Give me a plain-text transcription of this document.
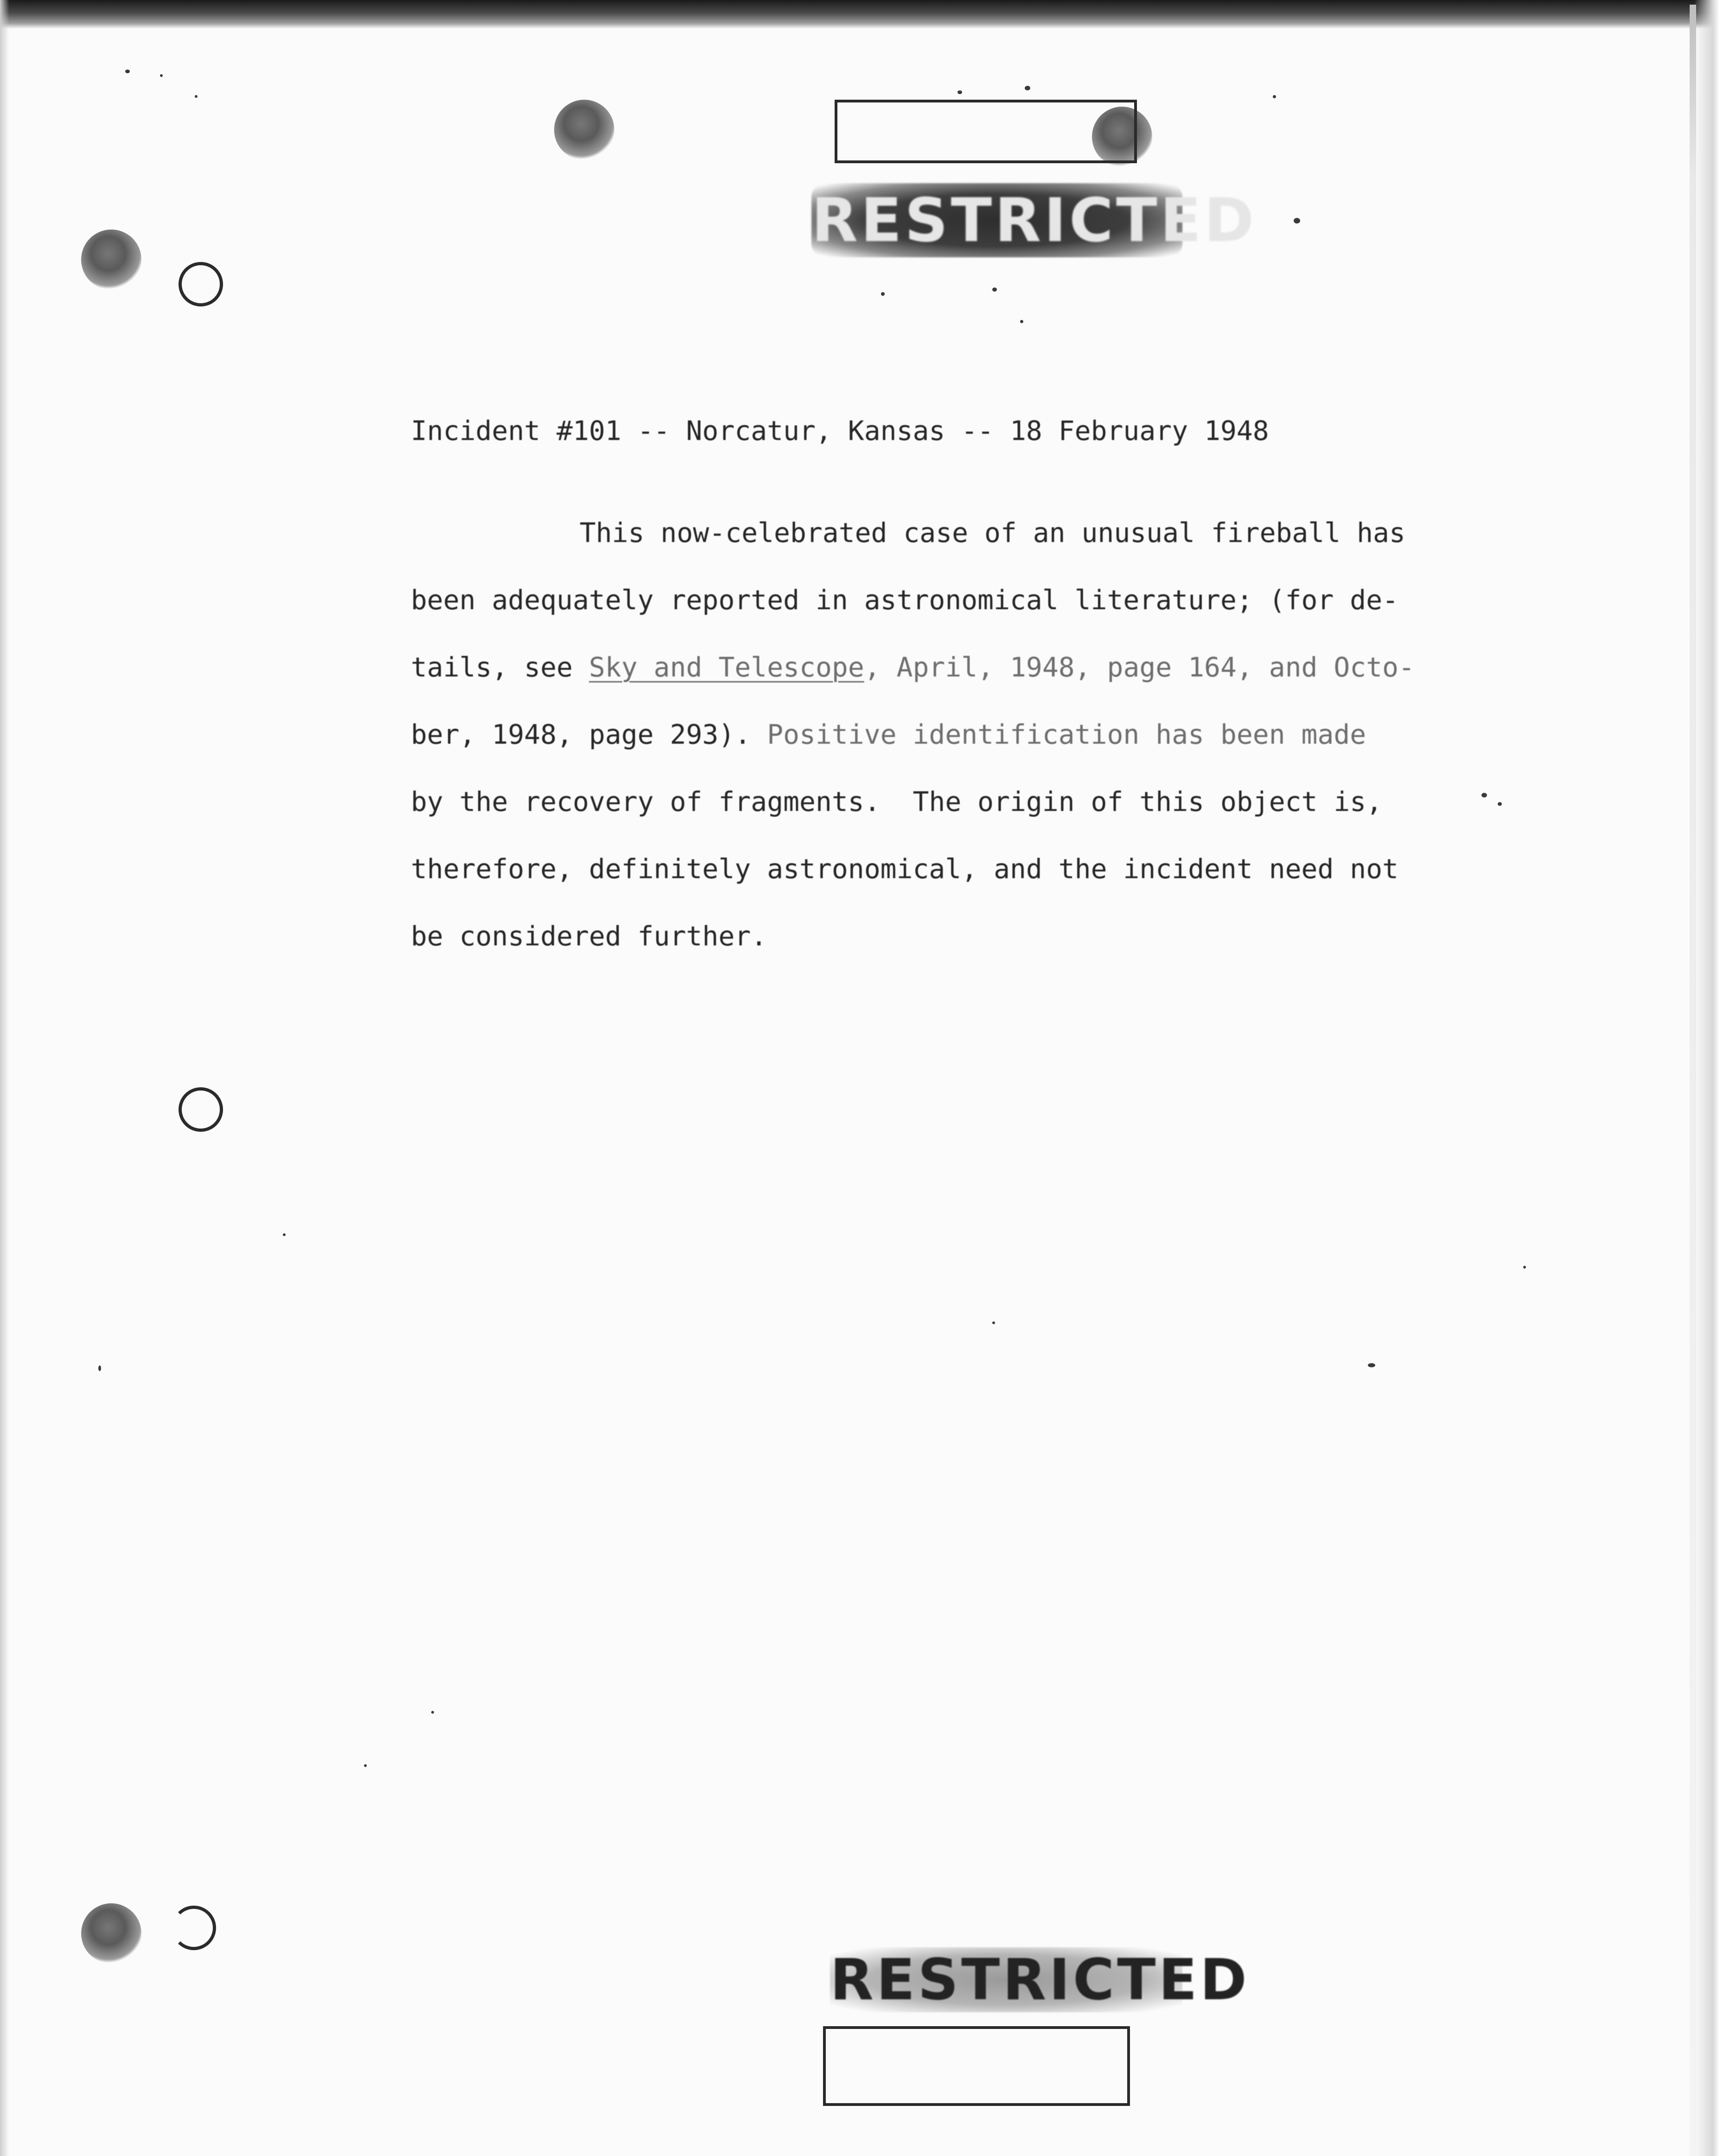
RESTRICTED
Incident #101 -- Norcatur, Kansas -- 18 February 1948
This now-celebrated case of an unusual fireball has
been adequately reported in astronomical literature; (for de-
tails, see Sky and Telescope, April, 1948, page 164, and Octo-
ber, 1948, page 293). Positive identification has been made
by the recovery of fragments.  The origin of this object is,
therefore, definitely astronomical, and the incident need not
be considered further.
RESTRICTED
